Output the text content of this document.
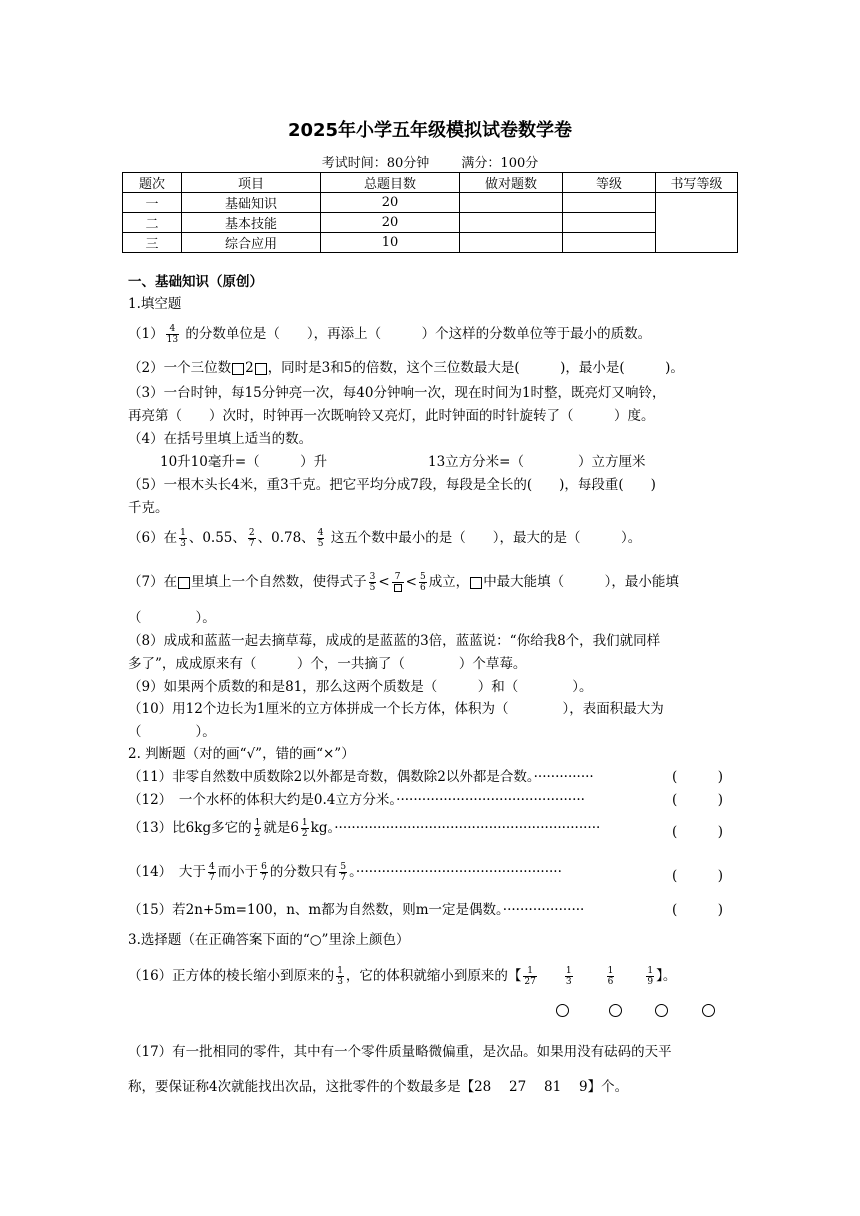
2025年小学五年级模拟试卷数学卷
考试时间：80分钟 满分：100分
题次	项目	总题目数	做对题数	等级	书写等级
一	基础知识	20			
二	基本技能	20			
三	综合应用	10			
一、基础知识（原创）
1.填空题
$(1) \frac{4}{13}$ 的分数单位是（　　），再添上（　　　）个这样的分数单位等于最小的质数。
（2）一个三位数 2 ，同时是3和5的倍数，这个三位数最大是(　　　)，最小是(　　　)。
（3）一台时钟，每15分钟亮一次，每40分钟响一次，现在时间为1时整，既亮灯又响铃，
再亮第（　　）次时，时钟再一次既响铃又亮灯，此时钟面的时针旋转了（　　　）度。
（4）在括号里填上适当的数。
10升10毫升=（　　　）升	13立方分米=（　　　　）立方厘米
（5）一根木头长4米，重3千克。把它平均分成7段，每段是全长的(　　)，每段重(　　)
千克。
（6）在 $\frac{1}{3}$ 、0.55、 $\frac{2}{7}$ 、0.78、 $\frac{4}{5}$ 这五个数中最小的是（　　），最大的是（　　　）。
（7）在 里填上一个自然数，使得式子 $\frac{3}{5} < 7 < \frac{5}{6}$ 成立， 中最大能填（　　　），最小能填
（　　　　）。
（8）成成和蓝蓝一起去摘草莓，成成的是蓝蓝的3倍，蓝蓝说：“你给我8个，我们就同样
多了”，成成原来有（　　　）个，一共摘了（　　　　）个草莓。
（9）如果两个质数的和是81，那么这两个质数是（　　　）和（　　　　）。
（10）用12个边长为1厘米的立方体拼成一个长方体，体积为（　　　　），表面积最大为
（　　　　）。
2. 判断题（对的画“√”，错的画“×”）
（11）非零自然数中质数除2以外都是奇数，偶数除2以外都是合数。··············	(　　　)
（12）　一个水杯的体积大约是0.4立方分米。············································	(　　　)
（13）比6kg多它的 $\frac{1}{2}$ 就是$6 \frac{1}{2}$ kg。······························································	(　　　)
（14）　大于 $\frac{4}{7}$ 而小于 $\frac{6}{7}$ 的分数只有 $\frac{5}{7}$ 。················································	(　　　)
（15）若2n+5m=100，n、m都为自然数，则m一定是偶数。···················	(　　　)
3.选择题（在正确答案下面的“○”里涂上颜色）
（16）正方体的棱长缩小到原来的 $\frac{1}{3}$ ，它的体积就缩小到原来的【 $\frac{1}{27}$	$\frac{1}{3}$	$\frac{1}{6}$	$\frac{1}{9}$ 】。
（17）有一批相同的零件，其中有一个零件质量略微偏重，是次品。如果用没有砝码的天平
称，要保证称4次就能找出次品，这批零件的个数最多是【28　 27　 81　 9】个。
